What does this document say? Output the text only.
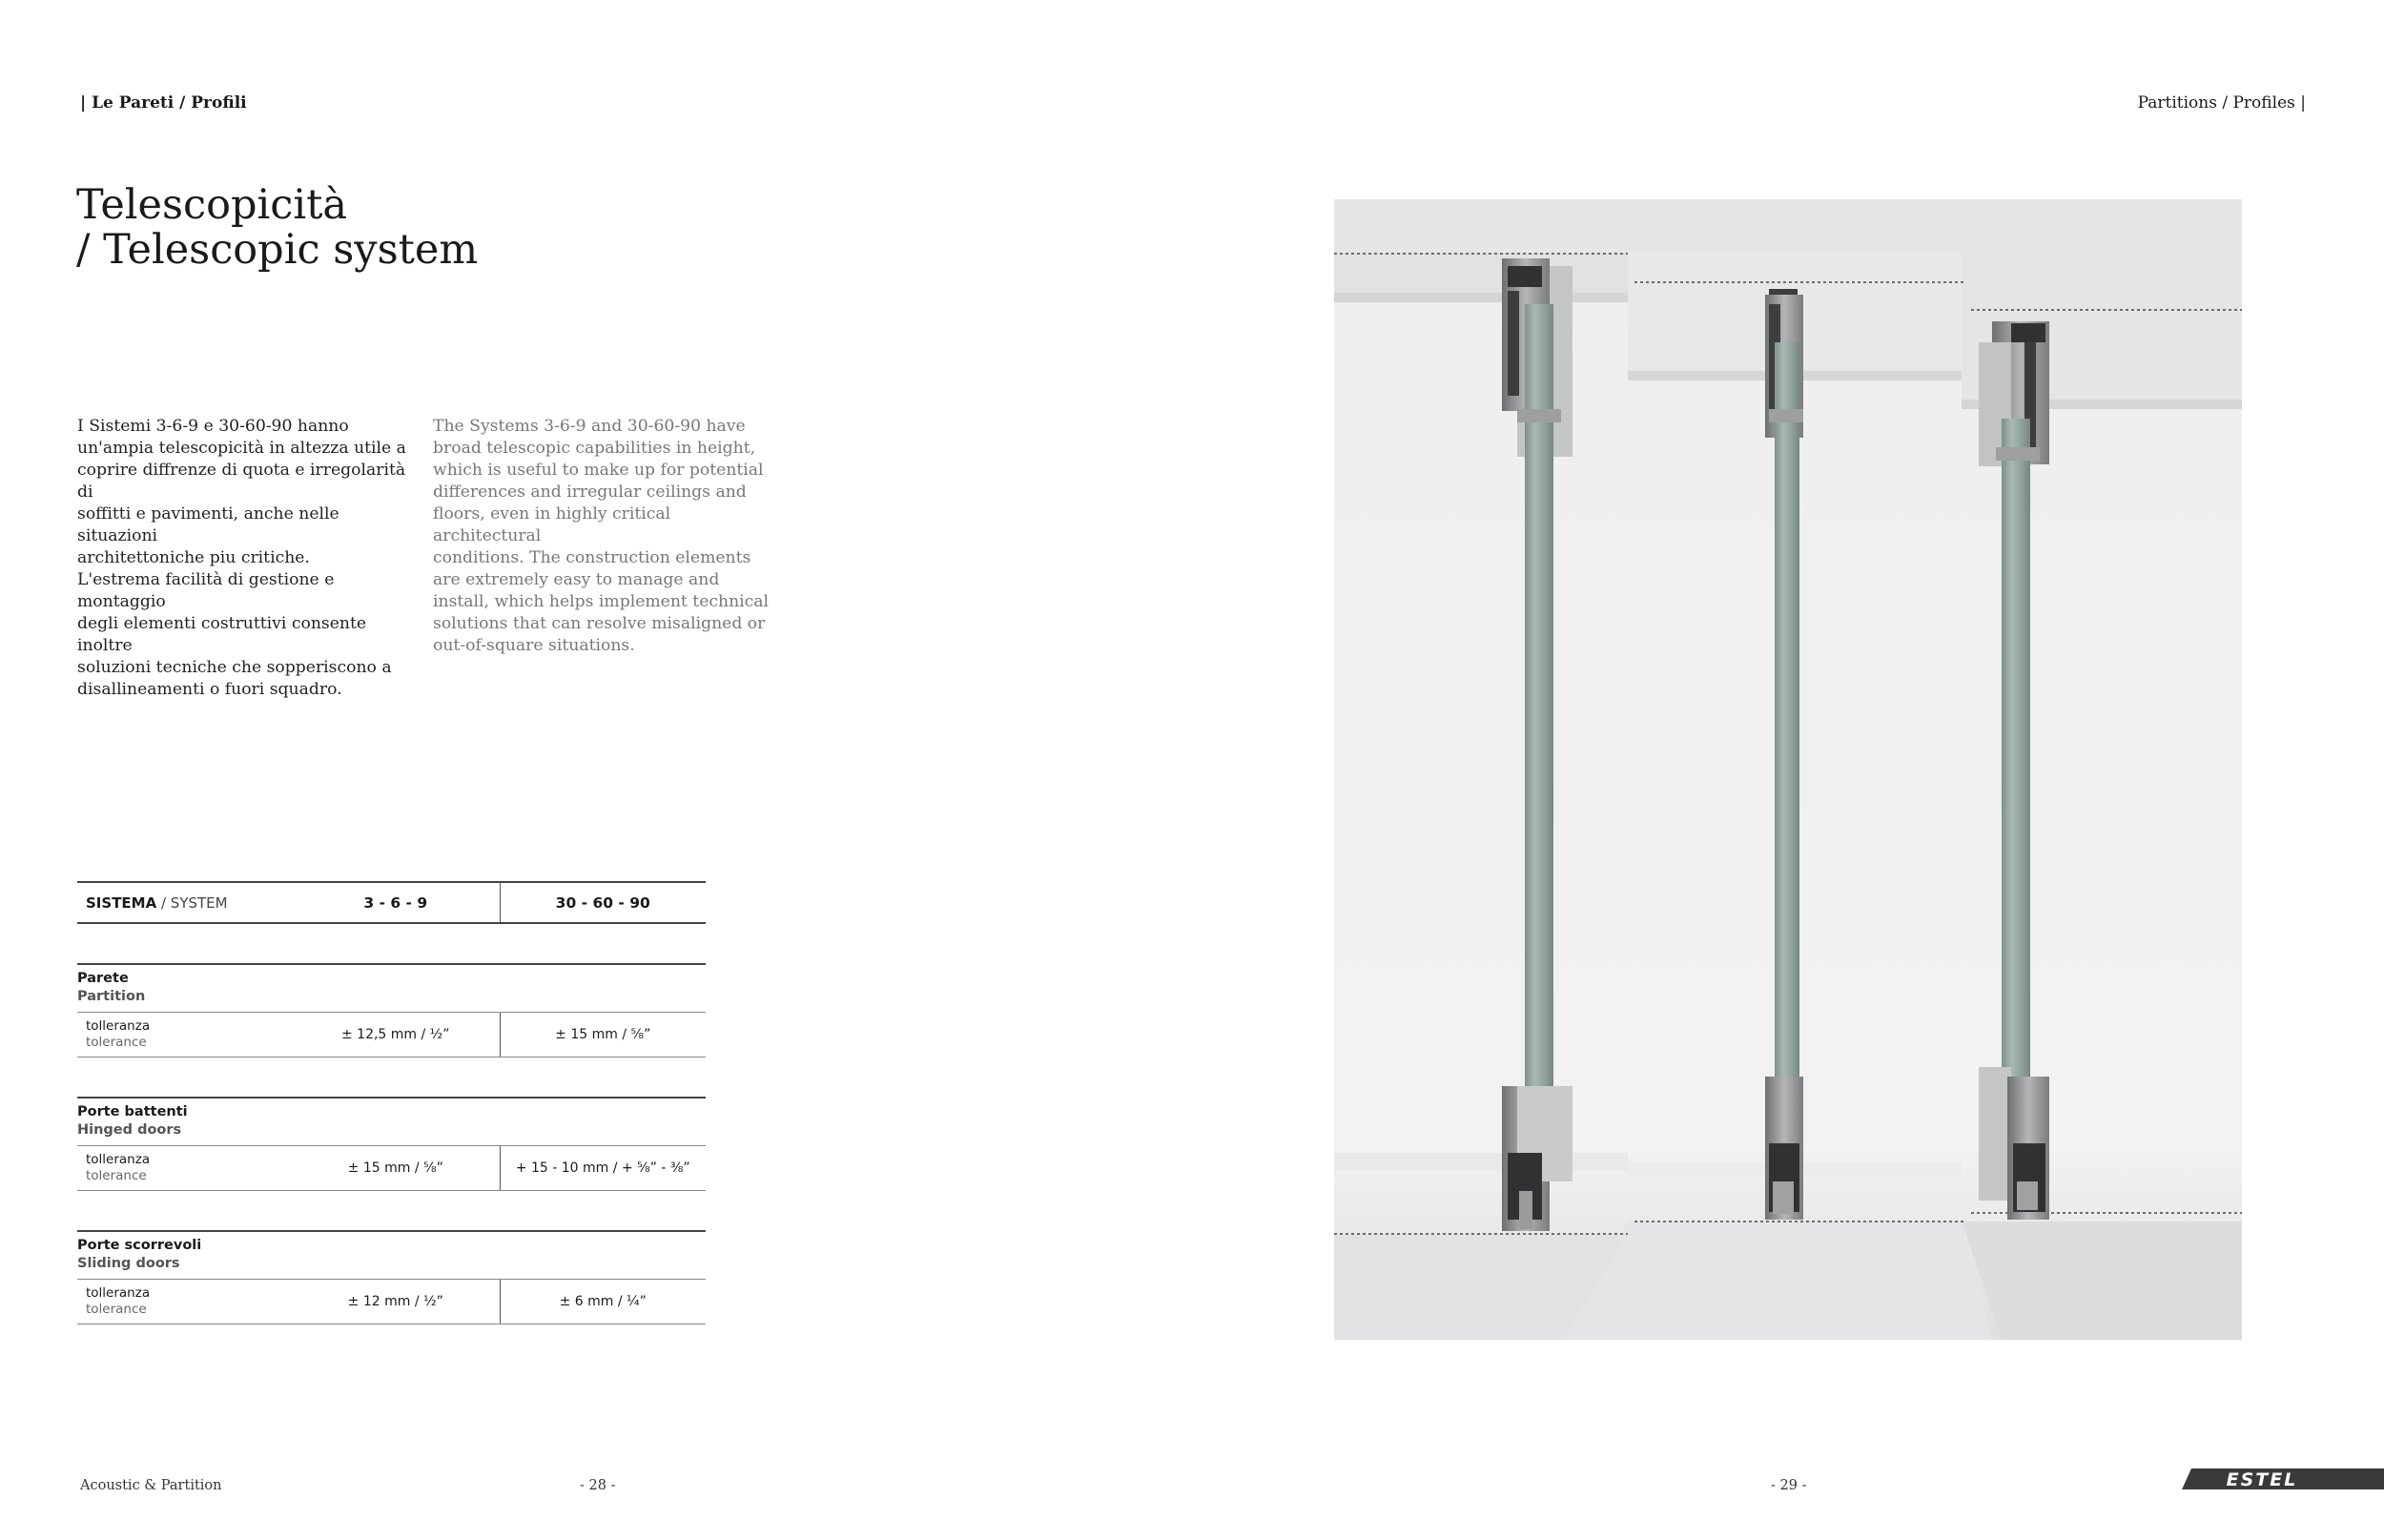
| Le Pareti / Profili	Partitions / Profiles |
Telescopicità
/ Telescopic system
I Sistemi 3-6-9 e 30-60-90 hanno
un'ampia telescopicità in altezza utile a
coprire diffrenze di quota e irregolarità di
soffitti e pavimenti, anche nelle situazioni
architettoniche piu critiche.
L'estrema facilità di gestione e montaggio
degli elementi costruttivi consente inoltre
soluzioni tecniche che sopperiscono a
disallineamenti o fuori squadro.
The Systems 3-6-9 and 30-60-90 have
broad telescopic capabilities in height,
which is useful to make up for potential
differences and irregular ceilings and
floors, even in highly critical architectural
conditions. The construction elements
are extremely easy to manage and
install, which helps implement technical
solutions that can resolve misaligned or
out-of-square situations.
SISTEMA / SYSTEM	3 - 6 - 9	30 - 60 - 90

Parete
Partition		

tolleranza
tolerance	± 12,5 mm / ½”	± 15 mm / ⅝”

Porte battenti
Hinged doors		

tolleranza
tolerance	± 15 mm / ⅝”	+ 15 - 10 mm / + ⅝” - ⅜”

Porte scorrevoli
Sliding doors		

tolleranza
tolerance	± 12 mm / ½”	± 6 mm / ¼”
Acoustic & Partition	- 28 -	- 29 -	ESTEL
